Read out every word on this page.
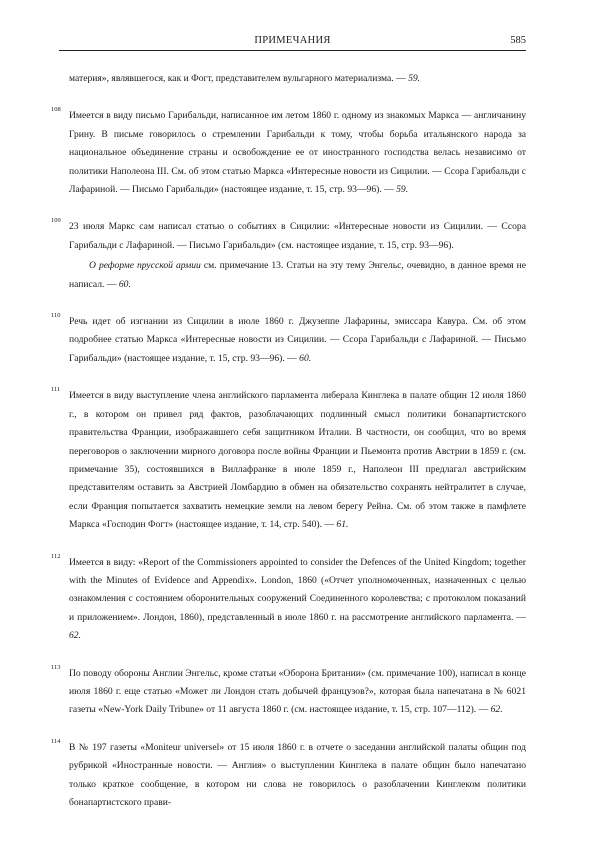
ПРИМЕЧАНИЯ	585

материя», являвшегося, как и Фогт, представителем вульгарного материализма. — 59.

108

Имеется в виду письмо Гарибальди, написанное им летом 1860 г. одному из знакомых Маркса — англичанину Грину. В письме говорилось о стремлении Гарибальди к тому, чтобы борьба итальянского народа за национальное объединение страны и освобождение ее от иностранного господства велась независимо от политики Наполеона III. См. об этом статью Маркса «Интересные новости из Сицилии. — Ссора Гарибальди с Лафариной. — Письмо Гарибальди» (настоящее издание, т. 15, стр. 93—96). — 59.

109

23 июля Маркс сам написал статью о событиях в Сицилии: «Интересные новости из Сицилии. — Ссора Гарибальди с Лафариной. — Письмо Гарибальди» (см. настоящее издание, т. 15, стр. 93—96).

О реформе прусской армии см. примечание 13. Статьи на эту тему Энгельс, очевидно, в данное время не написал. — 60.

110

Речь идет об изгнании из Сицилии в июле 1860 г. Джузеппе Лафарины, эмиссара Кавура. См. об этом подробнее статью Маркса «Интересные новости из Сицилии. — Ссора Гарибальди с Лафариной. — Письмо Гарибальди» (настоящее издание, т. 15, стр. 93—96). — 60.

111

Имеется в виду выступление члена английского парламента либерала Кинглека в палате общин 12 июля 1860 г., в котором он привел ряд фактов, разоблачающих подлинный смысл политики бонапартистского правительства Франции, изображавшего себя защитником Италии. В частности, он сообщил, что во время переговоров о заключении мирного договора после войны Франции и Пьемонта против Австрии в 1859 г. (см. примечание 35), состоявшихся в Виллафранке в июле 1859 г., Наполеон III предлагал австрийским представителям оставить за Австрией Ломбардию в обмен на обязательство сохранять нейтралитет в случае, если Франция попытается захватить немецкие земли на левом берегу Рейна. См. об этом также в памфлете Маркса «Господин Фогт» (настоящее издание, т. 14, стр. 540). — 61.

112

Имеется в виду: «Report of the Commissioners appointed to consider the Defences of the United Kingdom; together with the Minutes of Evidence and Appendix». London, 1860 («Отчет уполномоченных, назначенных с целью ознакомления с состоянием оборонительных сооружений Соединенного королевства; с протоколом показаний и приложением». Лондон, 1860), представленный в июле 1860 г. на рассмотрение английского парламента. — 62.

113

По поводу обороны Англии Энгельс, кроме статьи «Оборона Британии» (см. примечание 100), написал в конце июля 1860 г. еще статью «Может ли Лондон стать добычей французов?», которая была напечатана в № 6021 газеты «New-York Daily Tribune» от 11 августа 1860 г. (см. настоящее издание, т. 15, стр. 107—112). — 62.

114

В № 197 газеты «Moniteur universel» от 15 июля 1860 г. в отчете о заседании английской палаты общин под рубрикой «Иностранные новости. — Англия» о выступлении Кинглека в палате общин было напечатано только краткое сообщение, в котором ни слова не говорилось о разоблачении Кинглеком политики бонапартистского прави-
